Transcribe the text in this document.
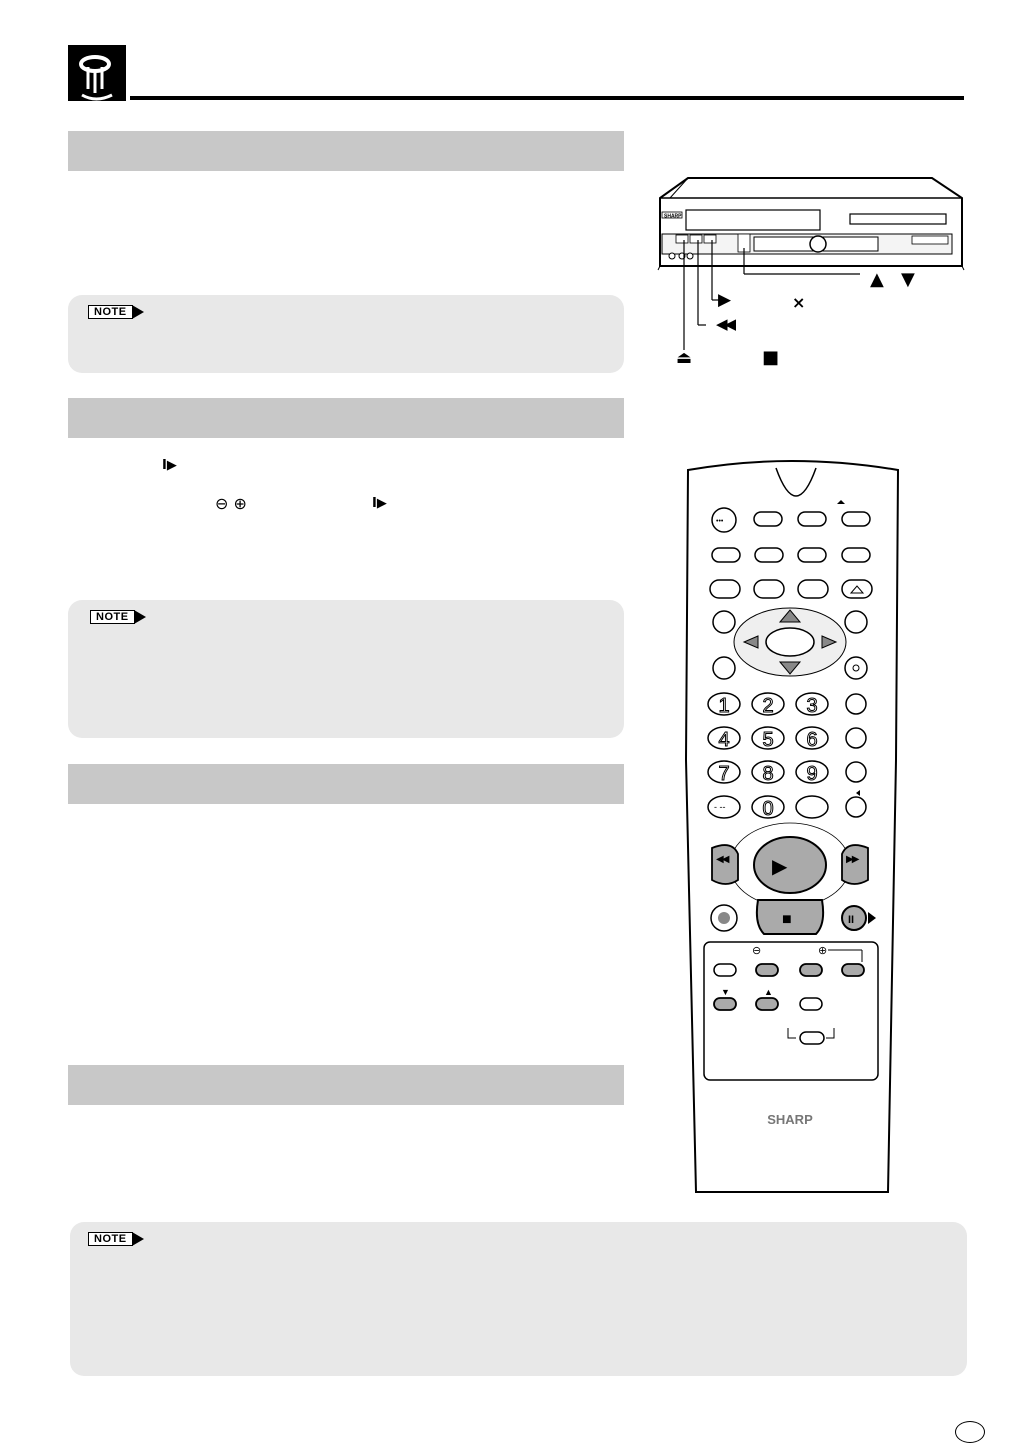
NOTE
NOTE
NOTE
I▶
⊖ ⊕	I▶
SHARP
▶	×
◀◀
▲ ▼
⏏	■
•••
1 2 3
4 5 6
7 8 9
0
- --
▶
◀◀	▶▶
■	II
⊖	⊕
▼	▲
SHARP
